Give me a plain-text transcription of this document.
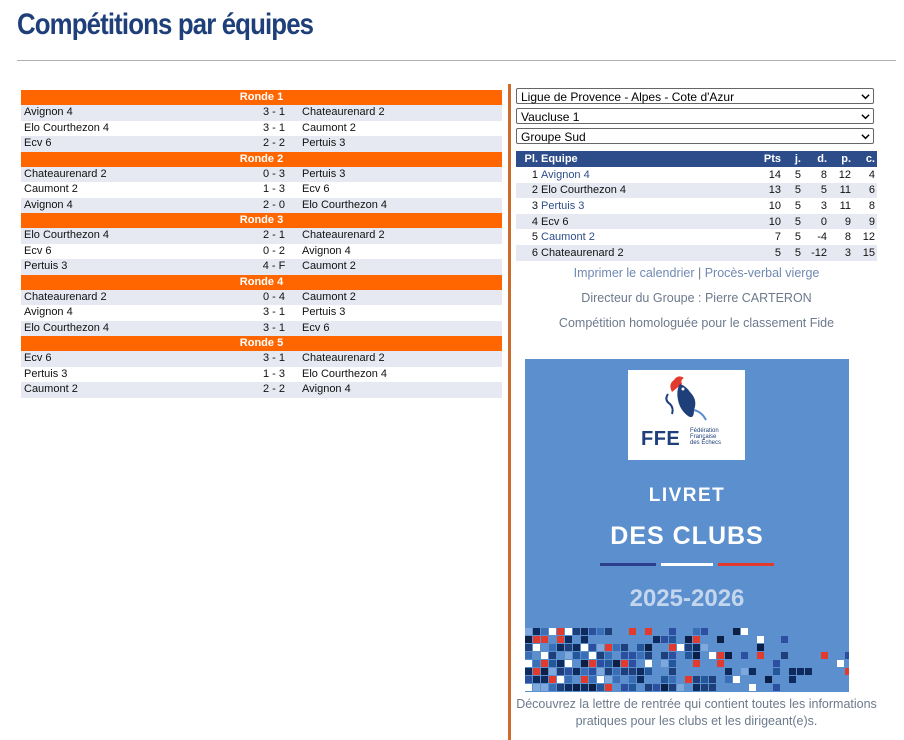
Compétitions par équipes
Ronde 1
Avignon 4	3 - 1	Chateaurenard 2
Elo Courthezon 4	3 - 1	Caumont 2
Ecv 6	2 - 2	Pertuis 3
Ronde 2
Chateaurenard 2	0 - 3	Pertuis 3
Caumont 2	1 - 3	Ecv 6
Avignon 4	2 - 0	Elo Courthezon 4
Ronde 3
Elo Courthezon 4	2 - 1	Chateaurenard 2
Ecv 6	0 - 2	Avignon 4
Pertuis 3	4 - F	Caumont 2
Ronde 4
Chateaurenard 2	0 - 4	Caumont 2
Avignon 4	3 - 1	Pertuis 3
Elo Courthezon 4	3 - 1	Ecv 6
Ronde 5
Ecv 6	3 - 1	Chateaurenard 2
Pertuis 3	1 - 3	Elo Courthezon 4
Caumont 2	2 - 2	Avignon 4
Ligue de Provence - Alpes - Cote d'Azur
Vaucluse 1
Groupe Sud
Pl.	Equipe	Pts	j.	d.	p.	c.
1	Avignon 4	14	5	8	12	4
2	Elo Courthezon 4	13	5	5	11	6
3	Pertuis 3	10	5	3	11	8
4	Ecv 6	10	5	0	9	9
5	Caumont 2	7	5	-4	8	12
6	Chateaurenard 2	5	5	-12	3	15
Imprimer le calendrier | Procès-verbal vierge
Directeur du Groupe : Pierre CARTERON
Compétition homologuée pour le classement Fide
FFE Fédération
Française
des Échecs
livret
DES CLUBS
2025-2026
Découvrez la lettre de rentrée qui contient toutes les informations pratiques pour les clubs et les dirigeant(e)s.
